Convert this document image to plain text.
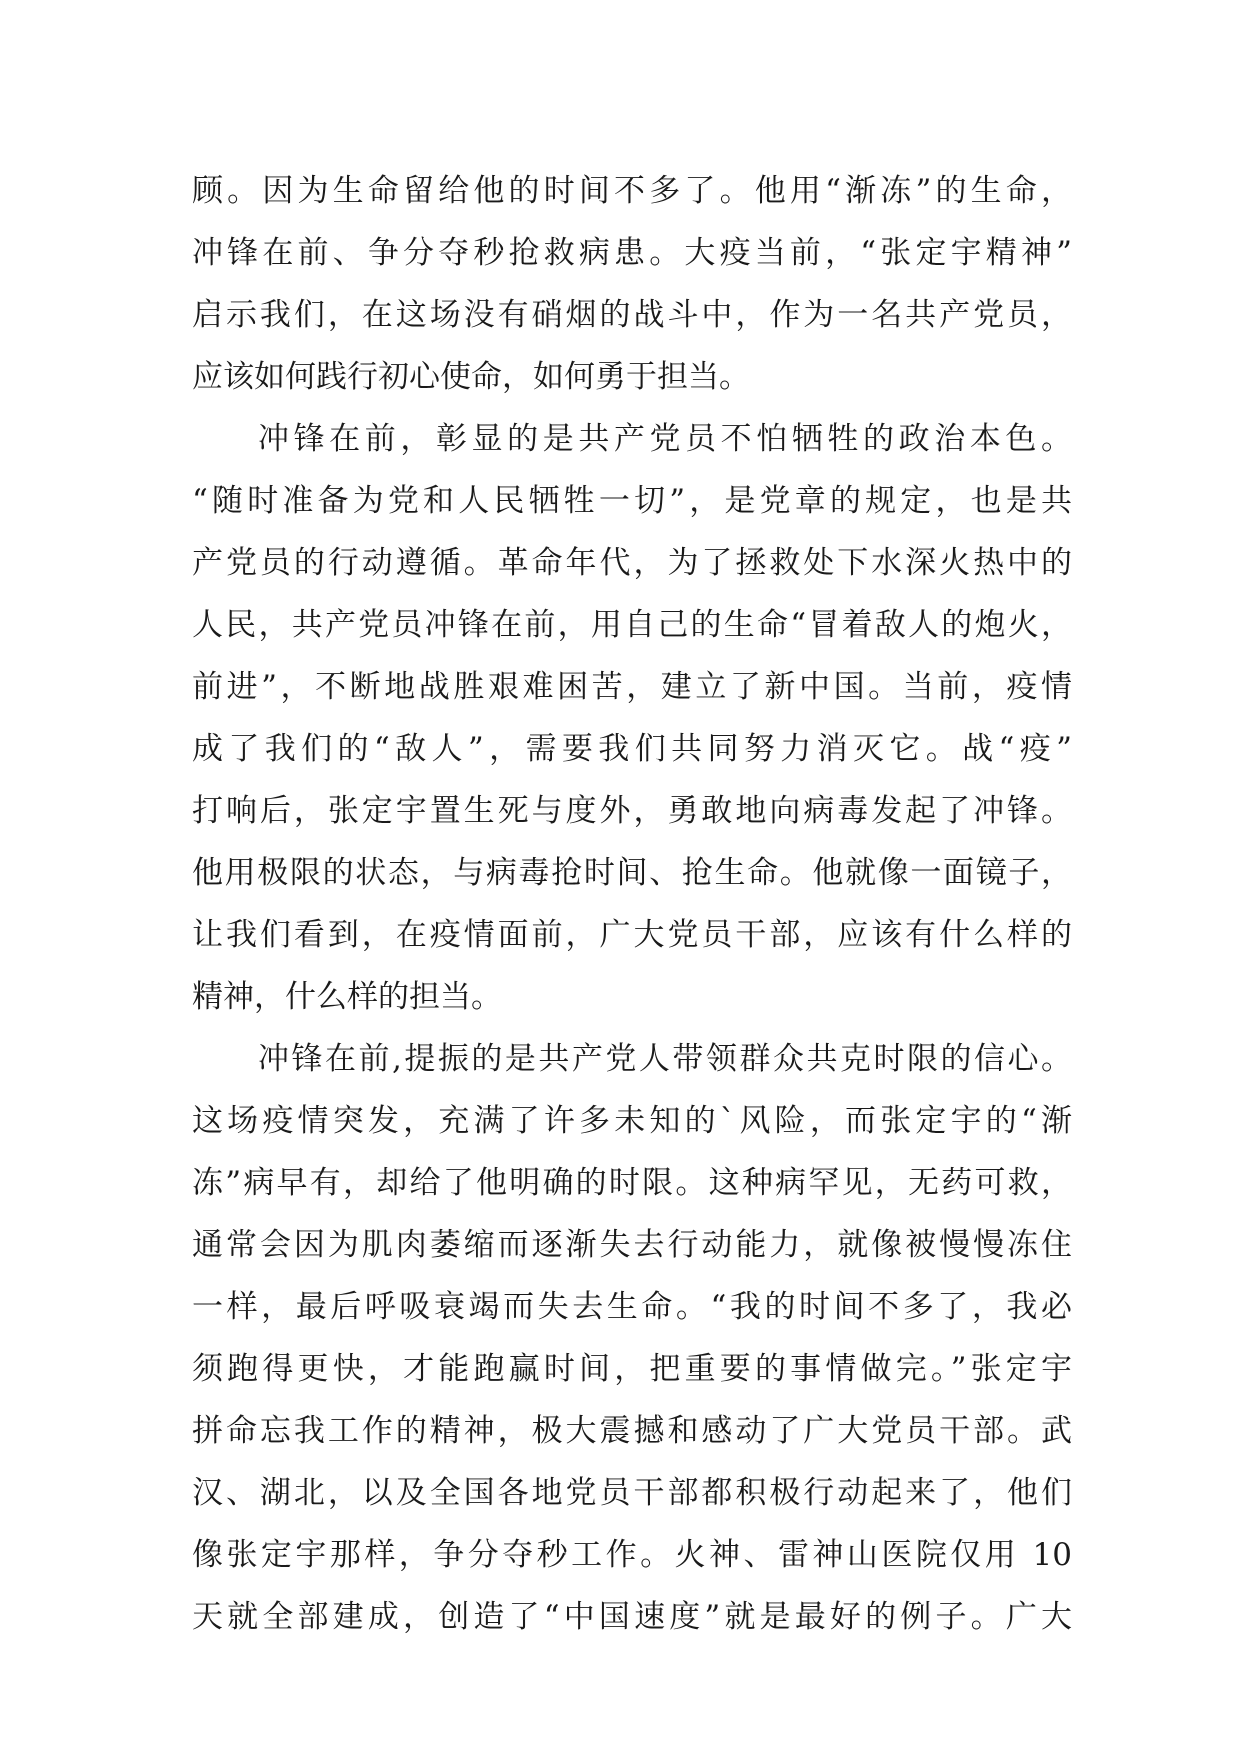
顾。因为生命留给他的时间不多了。他用“渐冻”的生命，
冲锋在前、争分夺秒抢救病患。大疫当前，“张定宇精神”
启示我们，在这场没有硝烟的战斗中，作为一名共产党员，
应该如何践行初心使命，如何勇于担当。
冲锋在前，彰显的是共产党员不怕牺牲的政治本色。
“随时准备为党和人民牺牲一切”，是党章的规定，也是共
产党员的行动遵循。革命年代，为了拯救处下水深火热中的
人民，共产党员冲锋在前，用自己的生命“冒着敌人的炮火，
前进”，不断地战胜艰难困苦，建立了新中国。当前，疫情
成了我们的“敌人”，需要我们共同努力消灭它。战“疫”
打响后，张定宇置生死与度外，勇敢地向病毒发起了冲锋。
他用极限的状态，与病毒抢时间、抢生命。他就像一面镜子，
让我们看到，在疫情面前，广大党员干部，应该有什么样的
精神，什么样的担当。
冲锋在前,提振的是共产党人带领群众共克时限的信心。
这场疫情突发，充满了许多未知的`风险，而张定宇的“渐
冻”病早有，却给了他明确的时限。这种病罕见，无药可救，
通常会因为肌肉萎缩而逐渐失去行动能力，就像被慢慢冻住
一样，最后呼吸衰竭而失去生命。“我的时间不多了，我必
须跑得更快，才能跑赢时间，把重要的事情做完。”张定宇
拼命忘我工作的精神，极大震撼和感动了广大党员干部。武
汉、湖北，以及全国各地党员干部都积极行动起来了，他们
像张定宇那样，争分夺秒工作。火神、雷神山医院仅用 10
天就全部建成，创造了“中国速度”就是最好的例子。广大
